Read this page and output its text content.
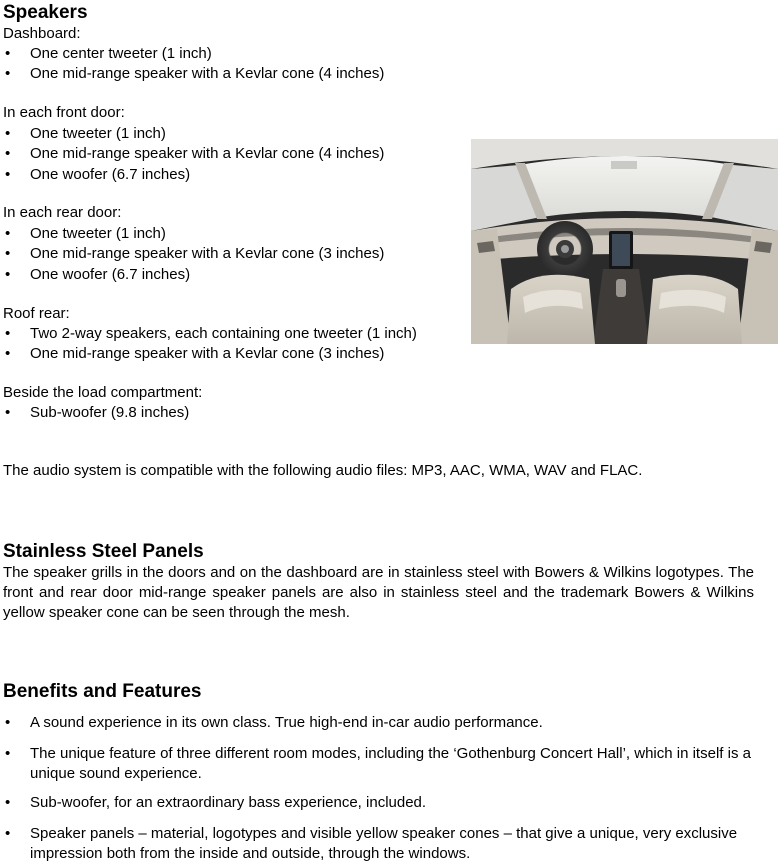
Speakers
Dashboard:
• One center tweeter (1 inch)
• One mid-range speaker with a Kevlar cone (4 inches)
In each front door:
• One tweeter (1 inch)
• One mid-range speaker with a Kevlar cone (4 inches)
• One woofer (6.7 inches)
In each rear door:
• One tweeter (1 inch)
• One mid-range speaker with a Kevlar cone (3 inches)
• One woofer (6.7 inches)
Roof rear:
• Two 2-way speakers, each containing one tweeter (1 inch)
• One mid-range speaker with a Kevlar cone (3 inches)
Beside the load compartment:
• Sub-woofer (9.8 inches)
The audio system is compatible with the following audio files: MP3, AAC, WMA, WAV and FLAC.
Stainless Steel Panels
The speaker grills in the doors and on the dashboard are in stainless steel with Bowers & Wilkins logotypes. The front and rear door mid-range speaker panels are also in stainless steel and the trademark Bowers & Wilkins yellow speaker cone can be seen through the mesh.
Benefits and Features
• A sound experience in its own class. True high-end in-car audio performance.
• The unique feature of three different room modes, including the ‘Gothenburg Concert Hall’, which in itself is a unique sound experience.
• Sub-woofer, for an extraordinary bass experience, included.
• Speaker panels – material, logotypes and visible yellow speaker cones – that give a unique, very exclusive impression both from the inside and outside, through the windows.
